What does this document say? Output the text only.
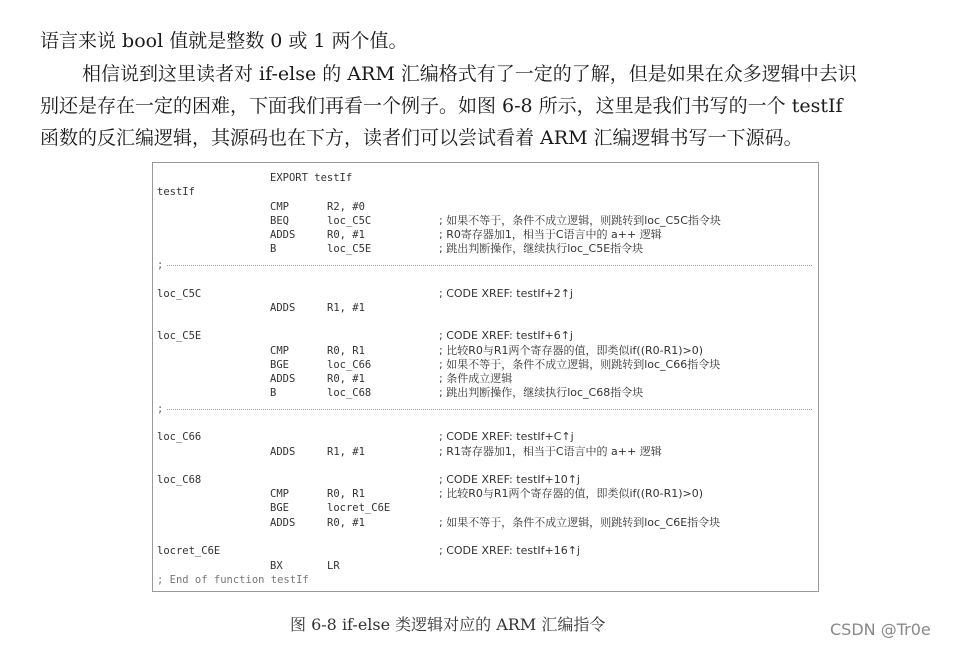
语言来说 bool 值就是整数 0 或 1 两个值。
相信说到这里读者对 if-else 的 ARM 汇编格式有了一定的了解，但是如果在众多逻辑中去识
别还是存在一定的困难，下面我们再看一个例子。如图 6-8 所示，这里是我们书写的一个 testIf
函数的反汇编逻辑，其源码也在下方，读者们可以尝试看着 ARM 汇编逻辑书写一下源码。
EXPORT testIf
testIf
CMP	R2, #0
BEQ	loc_C5C	; 如果不等于，条件不成立逻辑，则跳转到loc_C5C指令块
ADDS	R0, #1	; R0寄存器加1，相当于C语言中的 a++ 逻辑
B	loc_C5E	; 跳出判断操作，继续执行loc_C5E指令块
;
loc_C5C	; CODE XREF: testIf+2↑j
ADDS	R1, #1
loc_C5E	; CODE XREF: testIf+6↑j
CMP	R0, R1	; 比较R0与R1两个寄存器的值，即类似if((R0-R1)>0)
BGE	loc_C66	; 如果不等于，条件不成立逻辑，则跳转到loc_C66指令块
ADDS	R0, #1	; 条件成立逻辑
B	loc_C68	; 跳出判断操作，继续执行loc_C68指令块
;
loc_C66	; CODE XREF: testIf+C↑j
ADDS	R1, #1	; R1寄存器加1，相当于C语言中的 a++ 逻辑
loc_C68	; CODE XREF: testIf+10↑j
CMP	R0, R1	; 比较R0与R1两个寄存器的值，即类似if((R0-R1)>0)
BGE	locret_C6E
ADDS	R0, #1	; 如果不等于，条件不成立逻辑，则跳转到loc_C6E指令块
locret_C6E	; CODE XREF: testIf+16↑j
BX	LR
; End of function testIf
图 6-8 if-else 类逻辑对应的 ARM 汇编指令	CSDN @Tr0e
